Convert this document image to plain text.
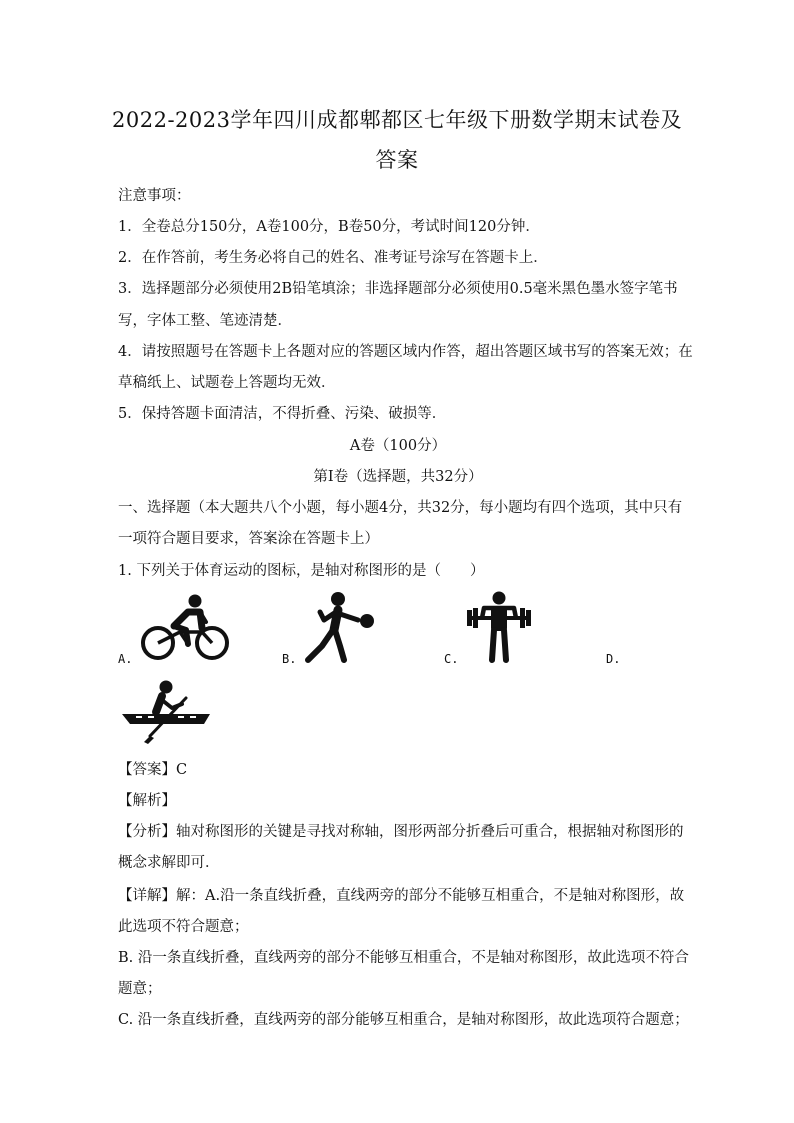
2022-2023学年四川成都郫都区七年级下册数学期末试卷及
答案
注意事项：
1．全卷总分150分，A卷100分，B卷50分，考试时间120分钟．
2．在作答前，考生务必将自己的姓名、准考证号涂写在答题卡上．
3．选择题部分必须使用2B铅笔填涂；非选择题部分必须使用0.5毫米黑色墨水签字笔书
写，字体工整、笔迹清楚．
4．请按照题号在答题卡上各题对应的答题区域内作答，超出答题区域书写的答案无效；在
草稿纸上、试题卷上答题均无效．
5．保持答题卡面清洁，不得折叠、污染、破损等．
A卷（100分）
第Ⅰ卷（选择题，共32分）
一、选择题（本大题共八个小题，每小题4分，共32分，每小题均有四个选项，其中只有
一项符合题目要求，答案涂在答题卡上）
1. 下列关于体育运动的图标，是轴对称图形的是（　　）
A.	B.	C.	D.
【答案】C
【解析】
【分析】轴对称图形的关键是寻找对称轴，图形两部分折叠后可重合，根据轴对称图形的
概念求解即可．
【详解】解：A.沿一条直线折叠，直线两旁的部分不能够互相重合，不是轴对称图形，故
此选项不符合题意；
B. 沿一条直线折叠，直线两旁的部分不能够互相重合，不是轴对称图形，故此选项不符合
题意；
C. 沿一条直线折叠，直线两旁的部分能够互相重合，是轴对称图形，故此选项符合题意；
